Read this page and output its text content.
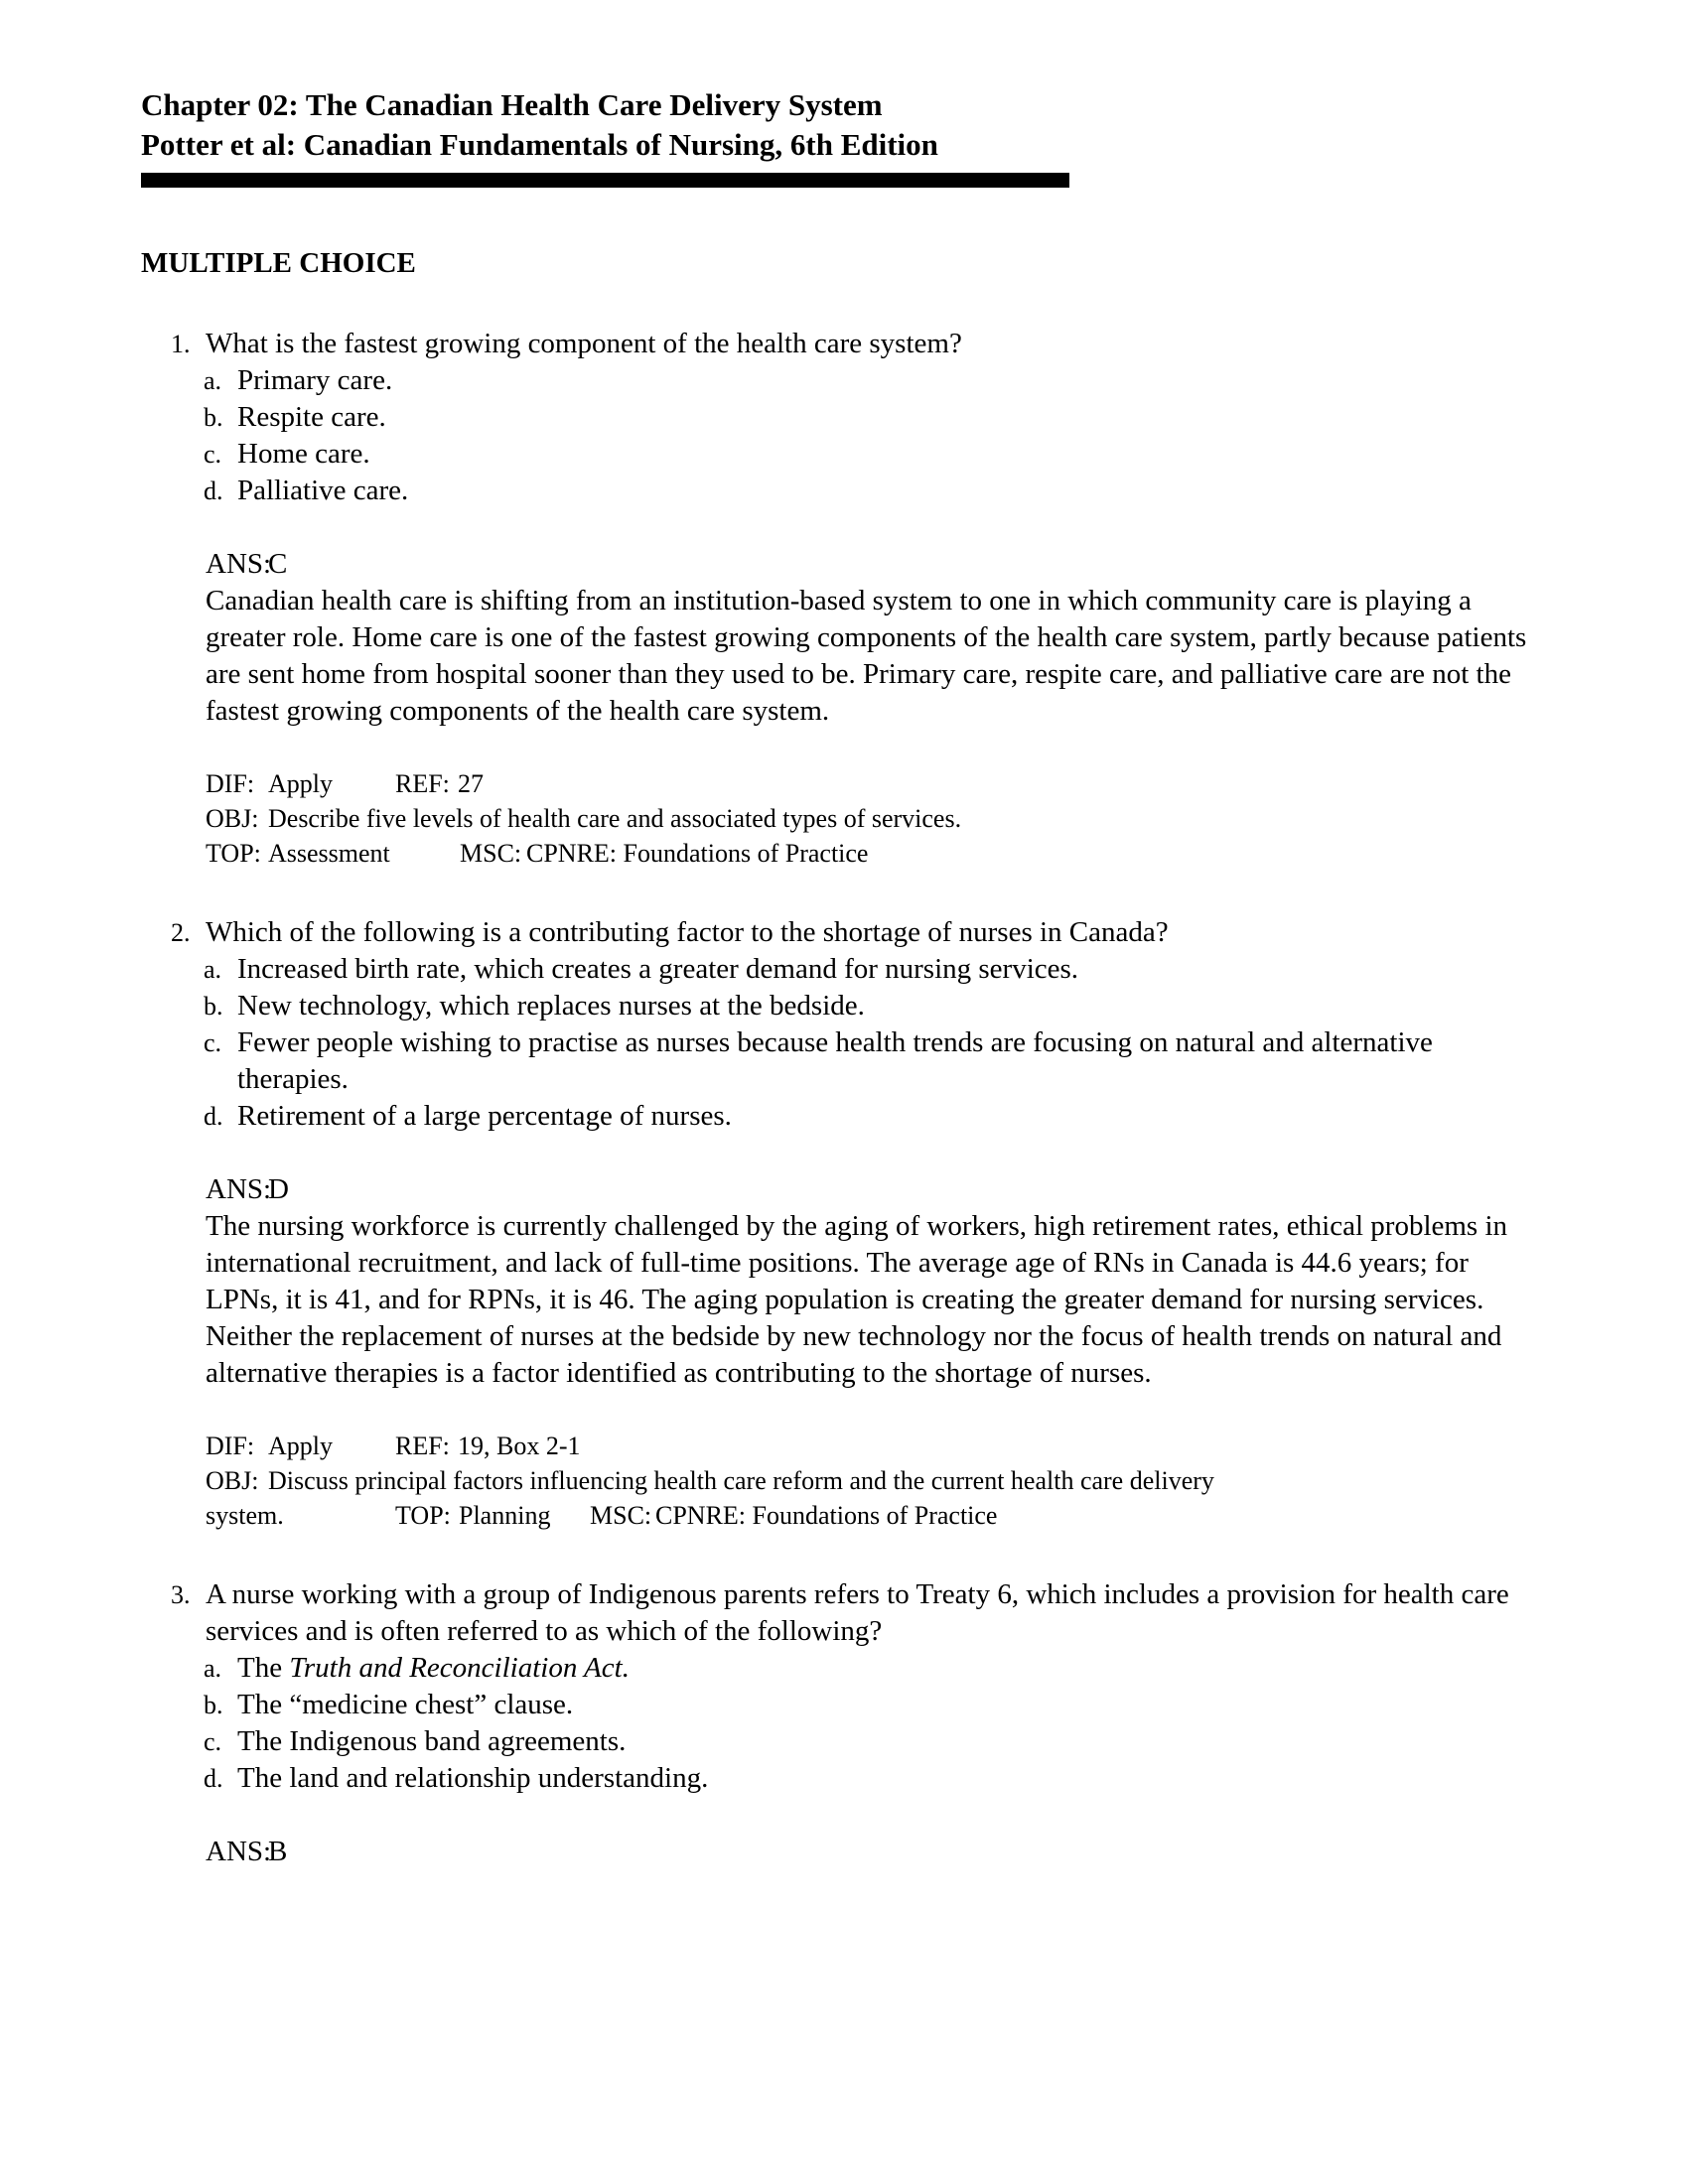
Chapter 02: The Canadian Health Care Delivery System
Potter et al: Canadian Fundamentals of Nursing, 6th Edition
MULTIPLE CHOICE
1. What is the fastest growing component of the health care system?
a. Primary care.
b. Respite care.
c. Home care.
d. Palliative care.
ANS:
C
Canadian health care is shifting from an institution-based system to one in which community care is playing a greater role. Home care is one of the fastest growing components of the health care system, partly because patients are sent home from hospital sooner than they used to be. Primary care, respite care, and palliative care are not the fastest growing components of the health care system.
DIF: Apply	REF: 27
OBJ: Describe five levels of health care and associated types of services.
TOP: Assessment	MSC: CPNRE: Foundations of Practice
2. Which of the following is a contributing factor to the shortage of nurses in Canada?
a. Increased birth rate, which creates a greater demand for nursing services.
b. New technology, which replaces nurses at the bedside.
c. Fewer people wishing to practise as nurses because health trends are focusing on natural and alternative therapies.
d. Retirement of a large percentage of nurses.
ANS:
D
The nursing workforce is currently challenged by the aging of workers, high retirement rates, ethical problems in international recruitment, and lack of full-time positions. The average age of RNs in Canada is 44.6 years; for LPNs, it is 41, and for RPNs, it is 46. The aging population is creating the greater demand for nursing services. Neither the replacement of nurses at the bedside by new technology nor the focus of health trends on natural and alternative therapies is a factor identified as contributing to the shortage of nurses.
DIF: Apply	REF: 19, Box 2-1
OBJ: Discuss principal factors influencing health care reform and the current health care delivery
system.	TOP: Planning	MSC: CPNRE: Foundations of Practice
3. A nurse working with a group of Indigenous parents refers to Treaty 6, which includes a provision for health care services and is often referred to as which of the following?
a. The Truth and Reconciliation Act.
b. The “medicine chest” clause.
c. The Indigenous band agreements.
d. The land and relationship understanding.
ANS:
B
